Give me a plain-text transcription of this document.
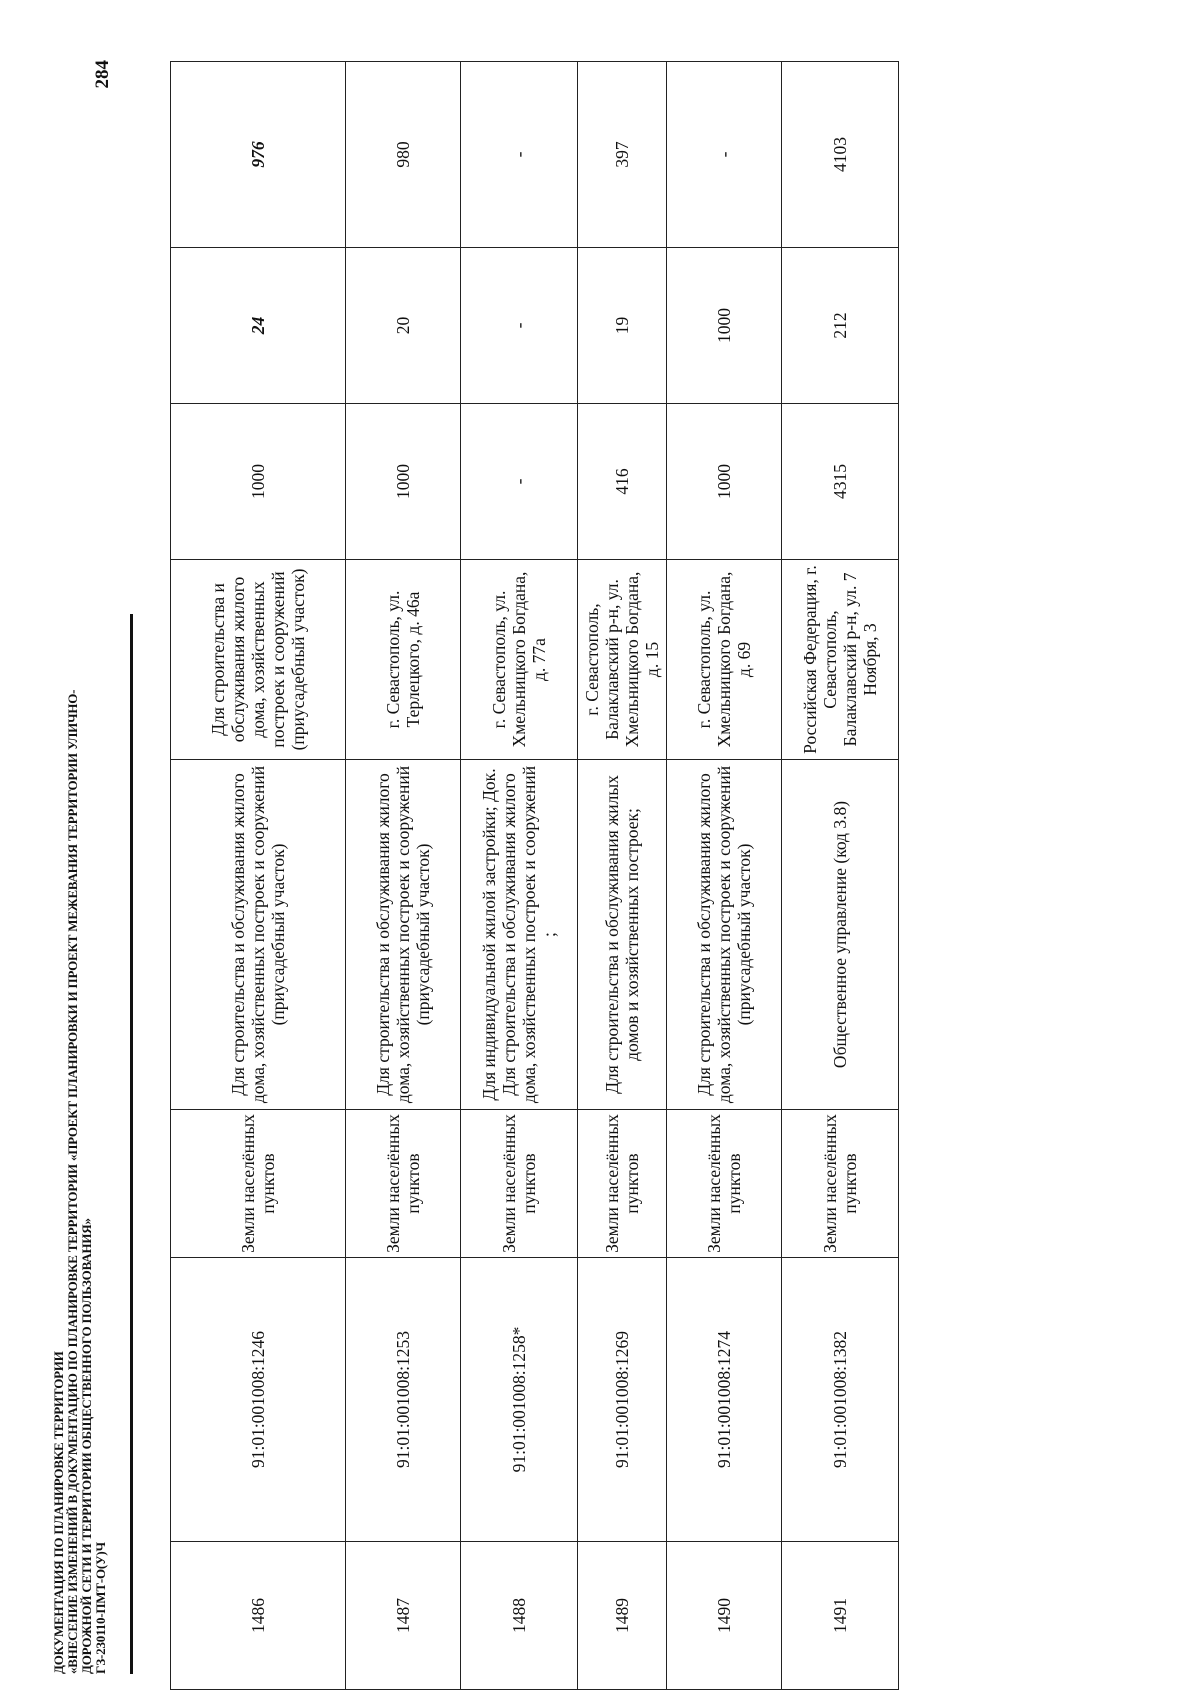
284
ДОКУМЕНТАЦИЯ ПО ПЛАНИРОВКЕ ТЕРРИТОРИИ «ВНЕСЕНИЕ ИЗМЕНЕНИЙ В ДОКУМЕНТАЦИЮ ПО ПЛАНИРОВКЕ ТЕРРИТОРИИ «ПРОЕКТ ПЛАНИРОВКИ И ПРОЕКТ МЕЖЕВАНИЯ ТЕРРИТОРИИ УЛИЧНО- ДОРОЖНОЙ СЕТИ И ТЕРРИТОРИИ ОБЩЕСТВЕННОГО ПОЛЬЗОВАНИЯ» ГЗ-230110-ПМТ-О(У)Ч	1486	91:01:001008:1246	Земли населённых пунктов	Для строительства и обслуживания жилого дома, хозяйственных построек и сооружений (приусадебный участок)	Для строительства и обслуживания жилого дома, хозяйственных построек и сооружений (приусадебный участок)	1000	24	976
1487	91:01:001008:1253	Земли населённых пунктов	Для строительства и обслуживания жилого дома, хозяйственных построек и сооружений (приусадебный участок)	г. Севастополь, ул. Терлецкого, д. 46а	1000	20	980
1488	91:01:001008:1258*	Земли населённых пунктов	Для индивидуальной жилой застройки; Док. Для строительства и обслуживания жилого дома, хозяйственных построек и сооружений ;	г. Севастополь, ул. Хмельницкого Богдана, д. 77а	-	-	-
1489	91:01:001008:1269	Земли населённых пунктов	Для строительства и обслуживания жилых домов и хозяйственных построек;	г. Севастополь, Балаклавский р-н, ул. Хмельницкого Богдана, д. 15	416	19	397
1490	91:01:001008:1274	Земли населённых пунктов	Для строительства и обслуживания жилого дома, хозяйственных построек и сооружений (приусадебный участок)	г. Севастополь, ул. Хмельницкого Богдана, д. 69	1000	1000	-
1491	91:01:001008:1382	Земли населённых пунктов	Общественное управление (код 3.8)	Российская Федерация, г. Севастополь, Балаклавский р-н, ул. 7 Ноября, 3	4315	212	4103
